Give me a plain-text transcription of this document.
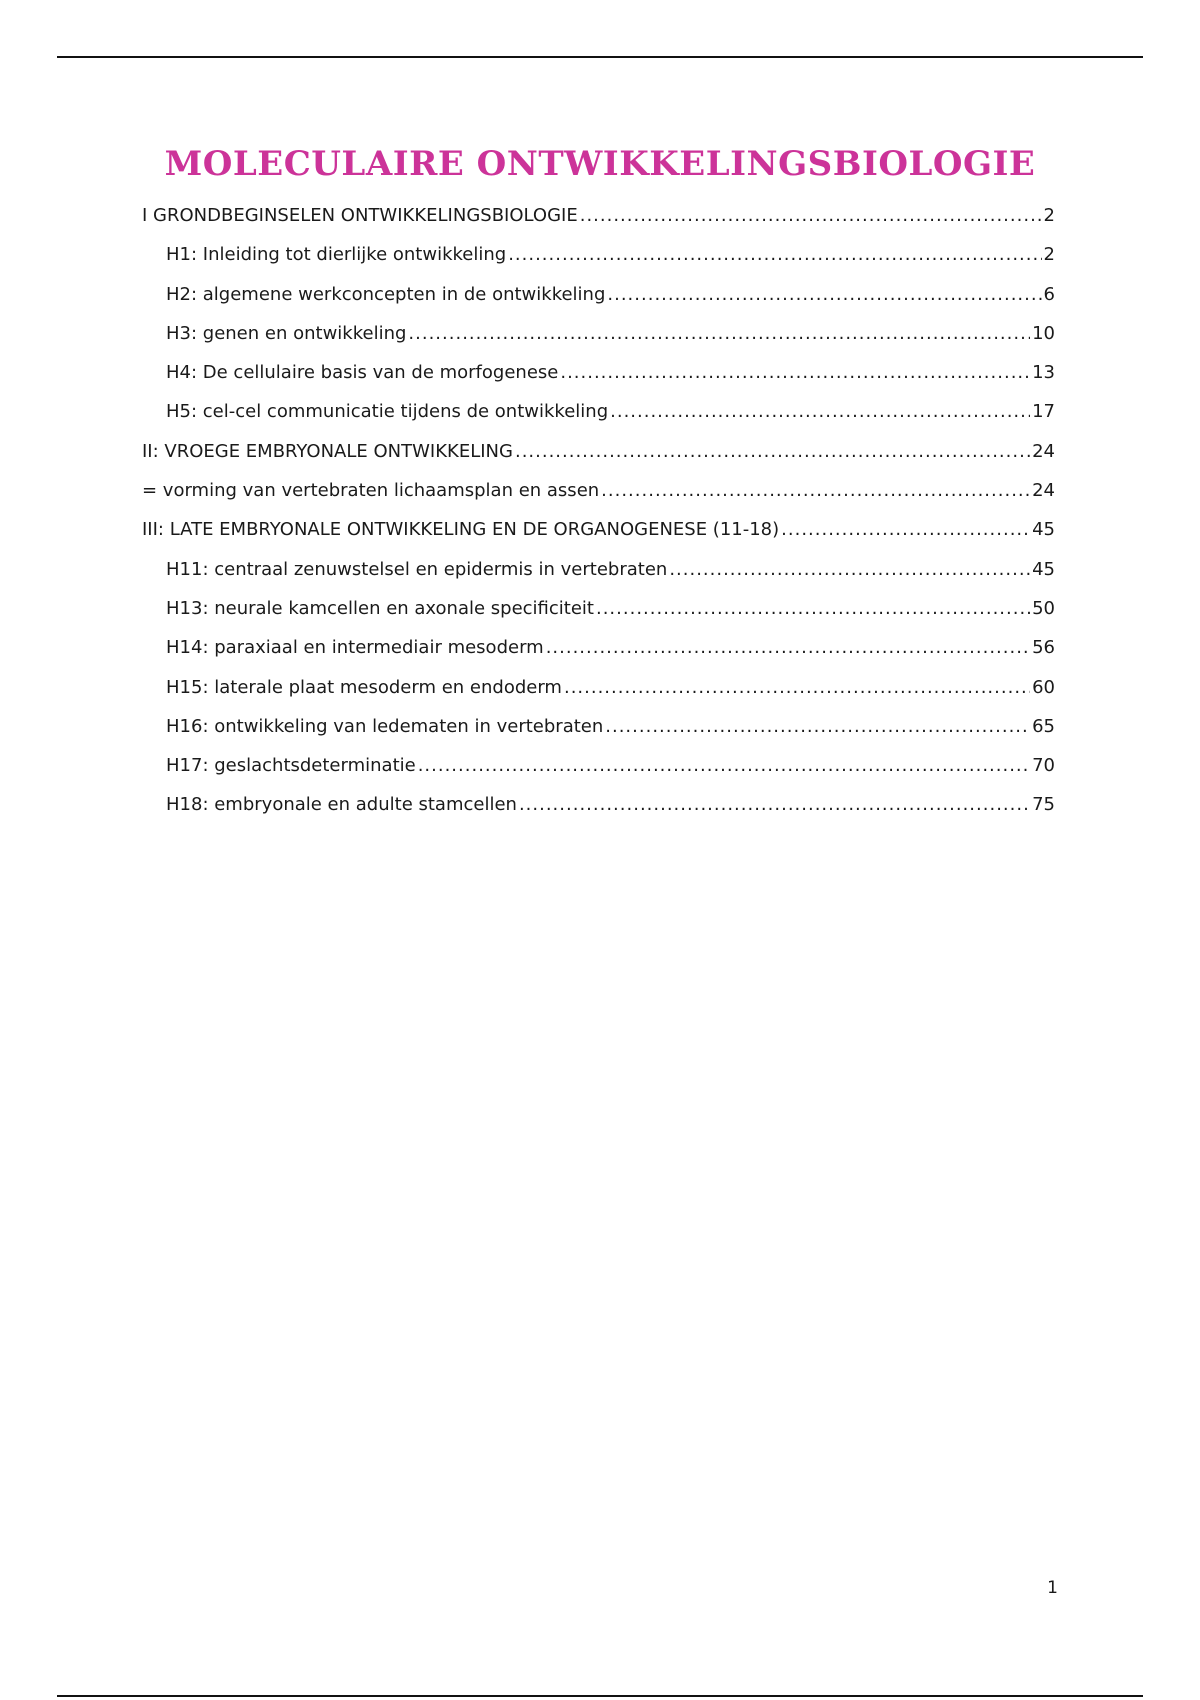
MOLECULAIRE ONTWIKKELINGSBIOLOGIE
I GRONDBEGINSELEN ONTWIKKELINGSBIOLOGIE .....	2
H1: Inleiding tot dierlijke ontwikkeling .....	2
H2: algemene werkconcepten in de ontwikkeling .....	6
H3: genen en ontwikkeling .....	10
H4: De cellulaire basis van de morfogenese .....	13
H5: cel-cel communicatie tijdens de ontwikkeling .....	17
II: VROEGE EMBRYONALE ONTWIKKELING .....	24
= vorming van vertebraten lichaamsplan en assen .....	24
III: LATE EMBRYONALE ONTWIKKELING EN DE ORGANOGENESE (11-18) .....	45
H11: centraal zenuwstelsel en epidermis in vertebraten .....	45
H13: neurale kamcellen en axonale specificiteit .....	50
H14: paraxiaal en intermediair mesoderm .....	56
H15: laterale plaat mesoderm en endoderm .....	60
H16: ontwikkeling van ledematen in vertebraten .....	65
H17: geslachtsdeterminatie .....	70
H18: embryonale en adulte stamcellen .....	75
1
